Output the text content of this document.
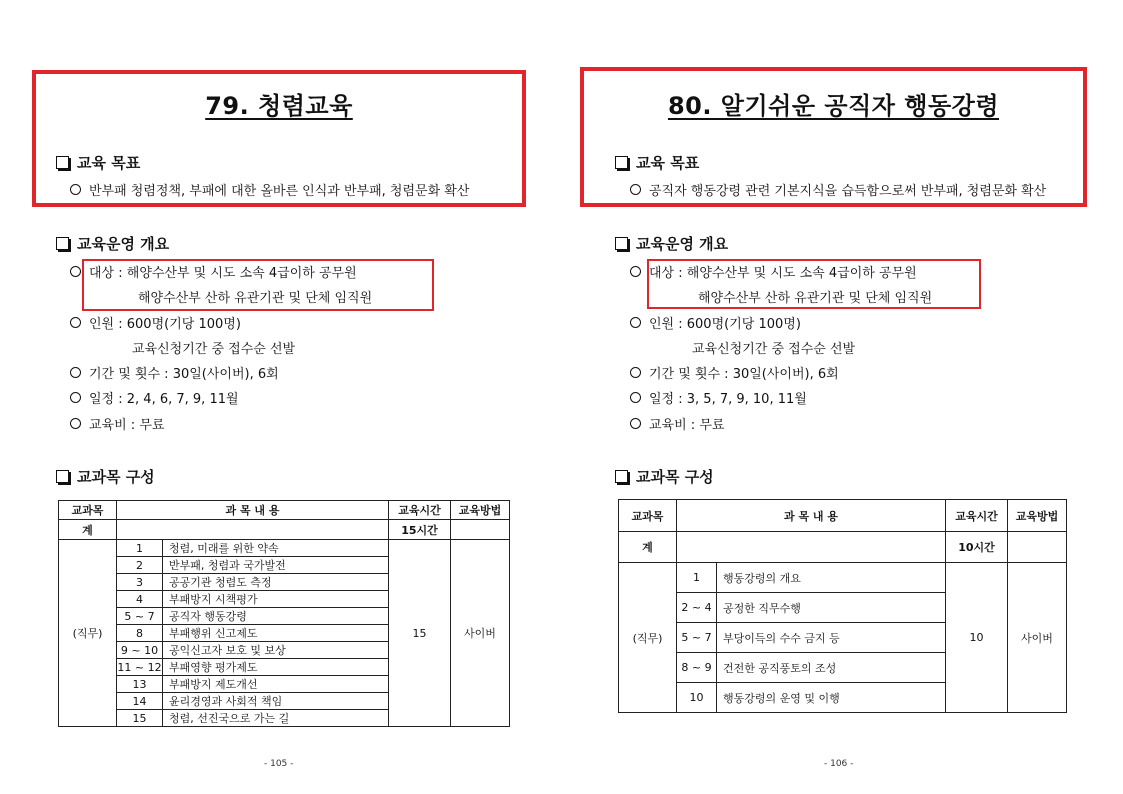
79. 청렴교육
교육 목표
반부패 청렴정책, 부패에 대한 올바른 인식과 반부패, 청렴문화 확산
교육운영 개요
대상 : 해양수산부 및 시도 소속 4급이하 공무원
해양수산부 산하 유관기관 및 단체 임직원
인원 : 600명(기당 100명)
교육신청기간 중 접수순 선발
기간 및 횟수 : 30일(사이버), 6회
일정 : 2, 4, 6, 7, 9, 11월
교육비 : 무료
교과목 구성
교과목	과 목 내 용		교육시간	교육방법
계			15시간	
(직무)	1	청렴, 미래를 위한 약속	15	사이버
	2	반부패, 청렴과 국가발전		
	3	공공기관 청렴도 측정		
	4	부패방지 시책평가		
	5 ~ 7	공직자 행동강령		
	8	부패행위 신고제도		
	9 ~ 10	공익신고자 보호 및 보상		
	11 ~ 12	부패영향 평가제도		
	13	부패방지 제도개선		
	14	윤리경영과 사회적 책임		
	15	청렴, 선진국으로 가는 길		
- 105 -
80. 알기쉬운 공직자 행동강령
교육 목표
공직자 행동강령 관련 기본지식을 습득함으로써 반부패, 청렴문화 확산
교육운영 개요
대상 : 해양수산부 및 시도 소속 4급이하 공무원
해양수산부 산하 유관기관 및 단체 임직원
인원 : 600명(기당 100명)
교육신청기간 중 접수순 선발
기간 및 횟수 : 30일(사이버), 6회
일정 : 3, 5, 7, 9, 10, 11월
교육비 : 무료
교과목 구성
교과목	과 목 내 용		교육시간	교육방법
계			10시간	
(직무)	1	행동강령의 개요	10	사이버
	2 ~ 4	공정한 직무수행		
	5 ~ 7	부당이득의 수수 금지 등		
	8 ~ 9	건전한 공직풍토의 조성		
	10	행동강령의 운영 및 이행		
- 106 -
